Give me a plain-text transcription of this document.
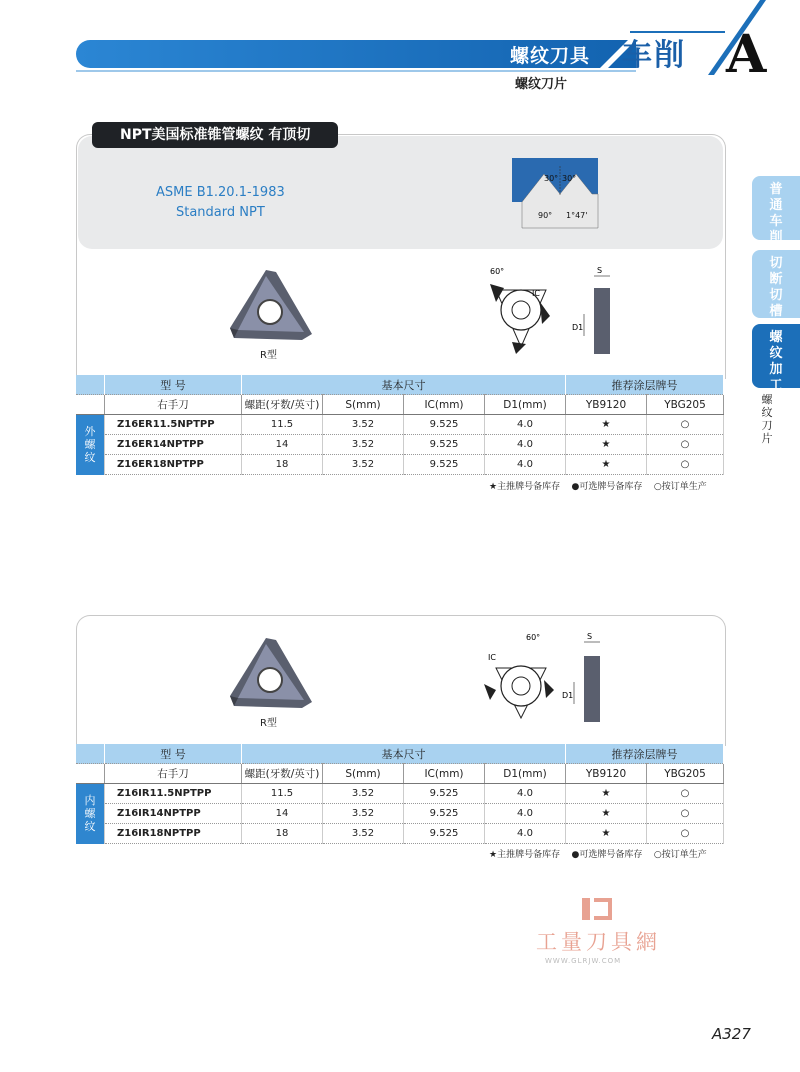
螺纹刀具
螺纹刀片
车削 A
普通车削
切断切槽
螺纹加工
螺纹刀片
NPT美国标准锥管螺纹 有顶切
ASME B1.20.1-1983
Standard NPT
30° 30°
90° 1°47'
R型
60°
IC
S
D1
	型 号	基本尺寸				推荐涂层牌号	
	右手刀	螺距(牙数/英寸)	S(mm)	IC(mm)	D1(mm)	YB9120	YBG205

外螺纹	Z16ER11.5NPTPP	11.5	3.52	9.525	4.0	★	○
	Z16ER14NPTPP	14	3.52	9.525	4.0	★	○
	Z16ER18NPTPP	18	3.52	9.525	4.0	★	○
★主推牌号备库存 ●可选牌号备库存 ○按订单生产
R型
60°
IC
S
D1
	型 号	基本尺寸				推荐涂层牌号	
	右手刀	螺距(牙数/英寸)	S(mm)	IC(mm)	D1(mm)	YB9120	YBG205

内螺纹	Z16IR11.5NPTPP	11.5	3.52	9.525	4.0	★	○
	Z16IR14NPTPP	14	3.52	9.525	4.0	★	○
	Z16IR18NPTPP	18	3.52	9.525	4.0	★	○
★主推牌号备库存 ●可选牌号备库存 ○按订单生产
工量刀具網
WWW.GLRJW.COM
A327
